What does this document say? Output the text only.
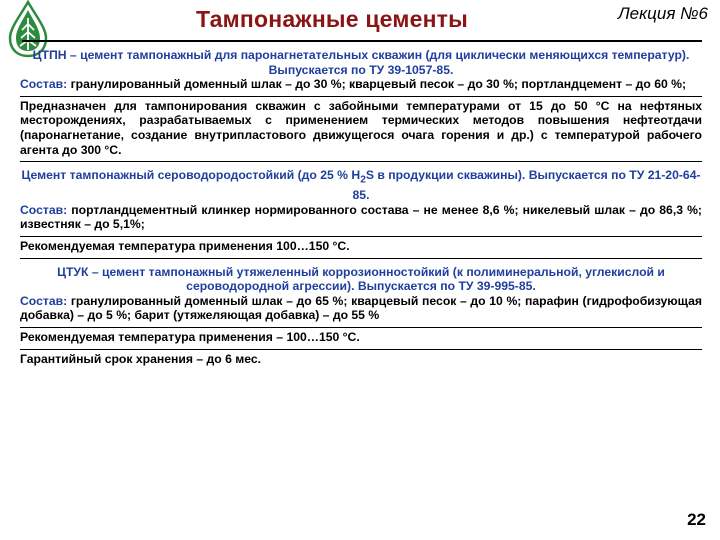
Тампонажные цементы	Лекция №6
ЦТПН – цемент тампонажный для паронагнетательных скважин (для циклически меняющихся температур). Выпускается по ТУ 39-1057-85.

Состав: гранулированный доменный шлак – до 30 %; кварцевый песок – до 30 %; портландцемент – до 60 %;

Предназначен для тампонирования скважин с забойными температурами от 15 до 50 °С на нефтяных месторождениях, разрабатываемых с применением термических методов повышения нефтеотдачи (паронагнетание, создание внутрипластового движущегося очага горения и др.) с температурой рабочего агента до 300 °С.

Цемент тампонажный сероводородостойкий (до 25 % $H_2S$ в продукции скважины). Выпускается по ТУ 21-20-64-85.

Состав: портландцементный клинкер нормированного состава – не менее 8,6 %; никелевый шлак – до 86,3 %; известняк – до 5,1%;

Рекомендуемая температура применения 100…150 °С.

ЦТУК – цемент тампонажный утяжеленный коррозионностойкий (к полиминеральной, углекислой и сероводородной агрессии). Выпускается по ТУ 39-995-85.

Состав: гранулированный доменный шлак – до 65 %; кварцевый песок – до 10 %; парафин (гидрофобизующая добавка) – до 5 %; барит (утяжеляющая добавка) – до 55 %

Рекомендуемая температура применения – 100…150 °С.

Гарантийный срок хранения – до 6 мес.

22
